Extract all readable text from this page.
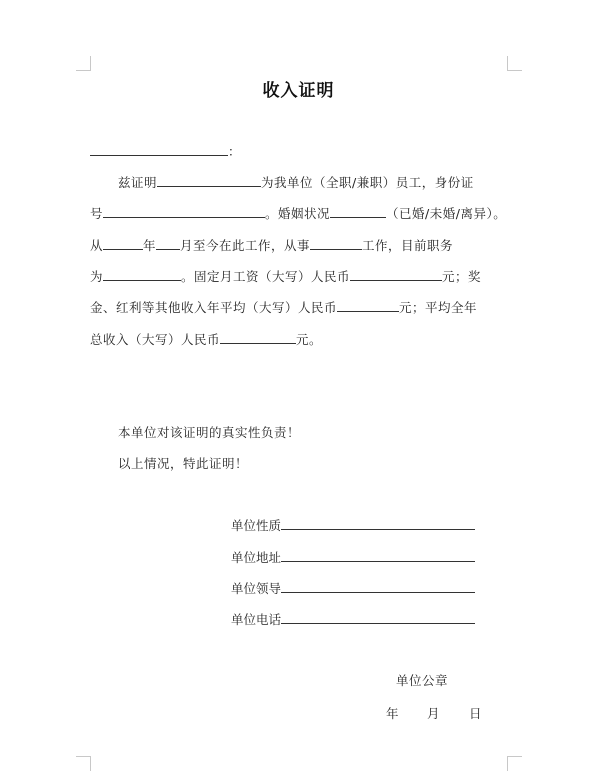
收入证明
：
兹证明	为我单位（全职/兼职）员工，身份证
号	。婚姻状况	（已婚/未婚/离异）。
从	年 月至今在此工作，从事	工作，目前职务
为	。固定月工资（大写）人民币	元；奖
金、红利等其他收入年平均（大写）人民币	元；平均全年
总收入（大写）人民币	元。
本单位对该证明的真实性负责！
以上情况，特此证明！
单位性质
单位地址
单位领导
单位电话
单位公章
年 月 日
